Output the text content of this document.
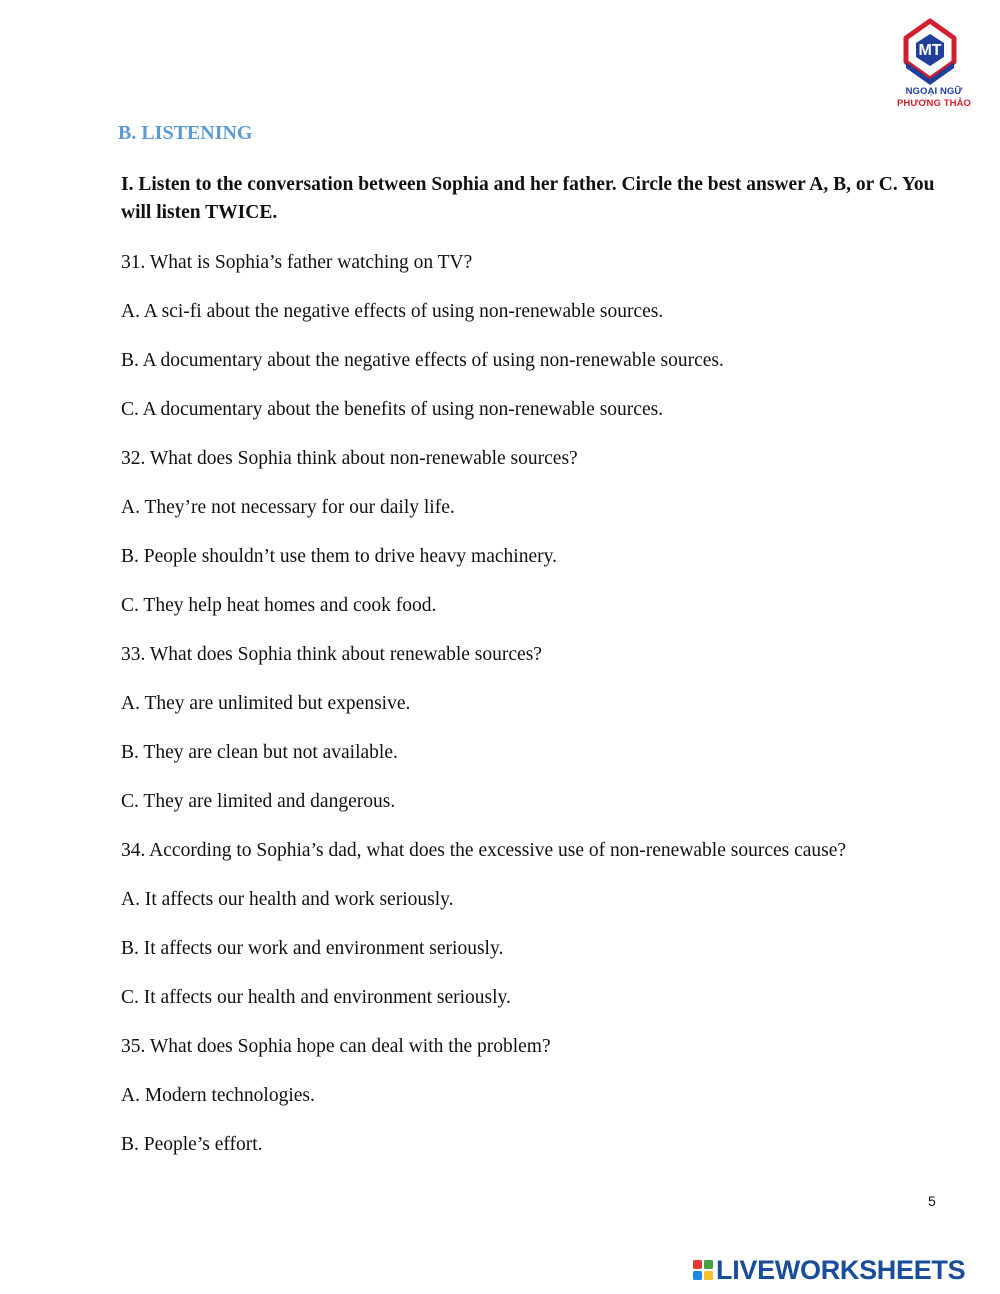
MT
NGOẠI NGỮ
PHƯƠNG THẢO
B. LISTENING

I. Listen to the conversation between Sophia and her father. Circle the best answer A, B, or C. You will listen TWICE.

31. What is Sophia’s father watching on TV?

A. A sci-fi about the negative effects of using non-renewable sources.

B. A documentary about the negative effects of using non-renewable sources.

C. A documentary about the benefits of using non-renewable sources.

32. What does Sophia think about non-renewable sources?

A. They’re not necessary for our daily life.

B. People shouldn’t use them to drive heavy machinery.

C. They help heat homes and cook food.

33. What does Sophia think about renewable sources?

A. They are unlimited but expensive.

B. They are clean but not available.

C. They are limited and dangerous.

34. According to Sophia’s dad, what does the excessive use of non-renewable sources cause?

A. It affects our health and work seriously.

B. It affects our work and environment seriously.

C. It affects our health and environment seriously.

35. What does Sophia hope can deal with the problem?

A. Modern technologies.

B. People’s effort.

5
LIVEWORKSHEETS
